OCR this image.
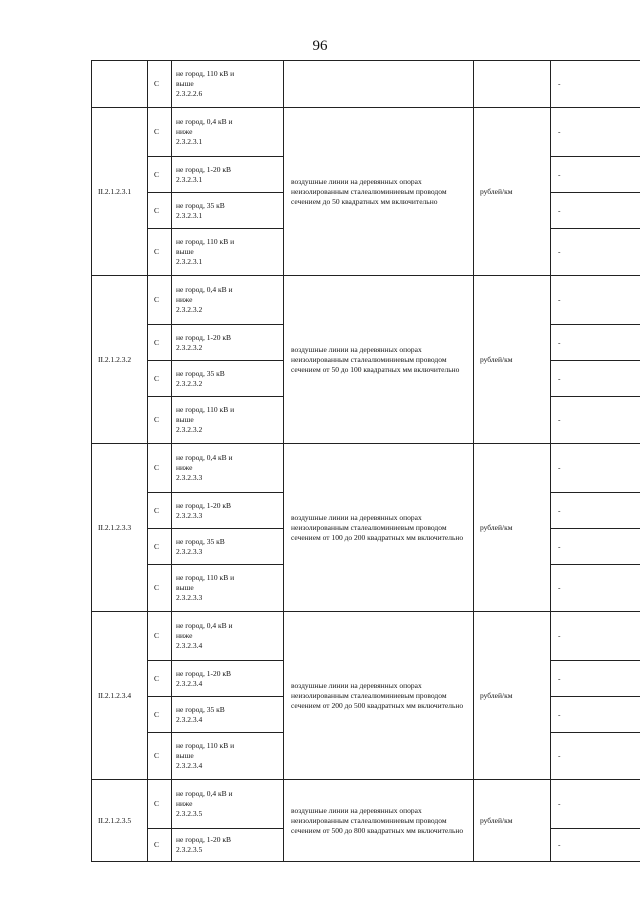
96
	С	не город, 110 кВ и
выше
2.3.2.2.6			-

II.2.1.2.3.1	С	не город, 0,4 кВ и
ниже
2.3.2.3.1	воздушные линии на деревянных опорах неизолированным сталеалюминиевым проводом сечением до 50 квадратных мм включительно	рублей/км	-

	С	не город, 1-20 кВ
2.3.2.3.1			-

	С	не город, 35 кВ
2.3.2.3.1			-

	С	не город, 110 кВ и
выше
2.3.2.3.1			-

II.2.1.2.3.2	С	не город, 0,4 кВ и
ниже
2.3.2.3.2	воздушные линии на деревянных опорах неизолированным сталеалюминиевым проводом сечением от 50 до 100 квадратных мм включительно	рублей/км	-

	С	не город, 1-20 кВ
2.3.2.3.2			-

	С	не город, 35 кВ
2.3.2.3.2			-

	С	не город, 110 кВ и
выше
2.3.2.3.2			-

II.2.1.2.3.3	С	не город, 0,4 кВ и
ниже
2.3.2.3.3	воздушные линии на деревянных опорах неизолированным сталеалюминиевым проводом сечением от 100 до 200 квадратных мм включительно	рублей/км	-

	С	не город, 1-20 кВ
2.3.2.3.3			-

	С	не город, 35 кВ
2.3.2.3.3			-

	С	не город, 110 кВ и
выше
2.3.2.3.3			-

II.2.1.2.3.4	С	не город, 0,4 кВ и
ниже
2.3.2.3.4	воздушные линии на деревянных опорах неизолированным сталеалюминиевым проводом сечением от 200 до 500 квадратных мм включительно	рублей/км	-

	С	не город, 1-20 кВ
2.3.2.3.4			-

	С	не город, 35 кВ
2.3.2.3.4			-

	С	не город, 110 кВ и
выше
2.3.2.3.4			-

II.2.1.2.3.5	С	не город, 0,4 кВ и
ниже
2.3.2.3.5	воздушные линии на деревянных опорах неизолированным сталеалюминиевым проводом сечением от 500 до 800 квадратных мм включительно	рублей/км	-

	С	не город, 1-20 кВ
2.3.2.3.5			-
